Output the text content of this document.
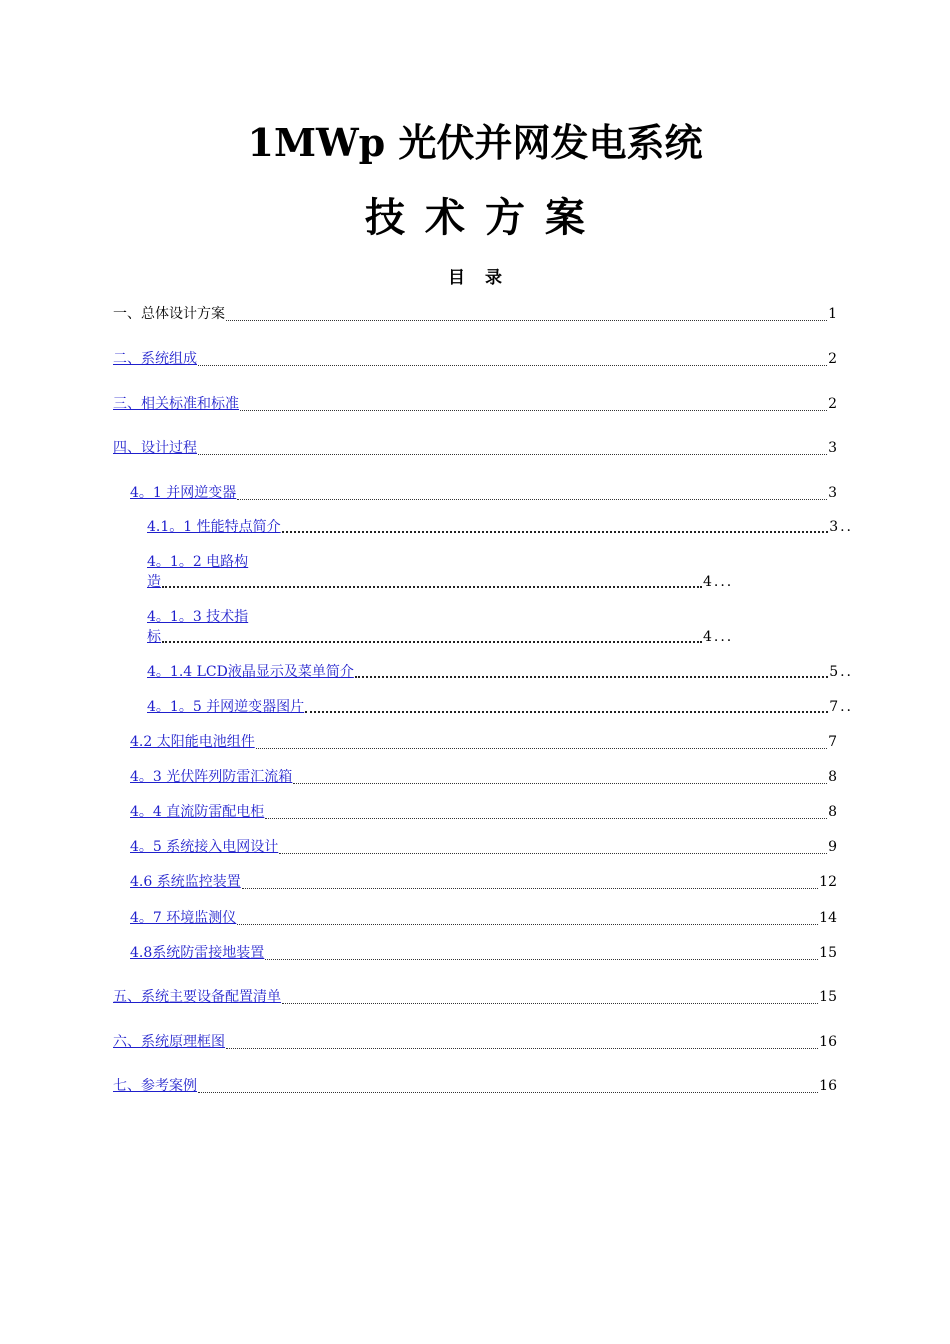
1MWp 光伏并网发电系统
技 术 方 案
目 录
一、总体设计方案	1
二、系统组成	2
三、相关标准和标准	2
四、设计过程	3
4。1 并网逆变器	3
4.1。1 性能特点简介	3..
4。1。2 电路构
造	4...
4。1。3 技术指
标	4...
4。1.4 LCD液晶显示及菜单简介	5..
4。1。5 并网逆变器图片	7..
4.2 太阳能电池组件	7
4。3 光伏阵列防雷汇流箱	8
4。4 直流防雷配电柜	8
4。5 系统接入电网设计	9
4.6 系统监控装置	12
4。7 环境监测仪	14
4.8系统防雷接地装置	15
五、系统主要设备配置清单	15
六、系统原理框图	16
七、参考案例	16
